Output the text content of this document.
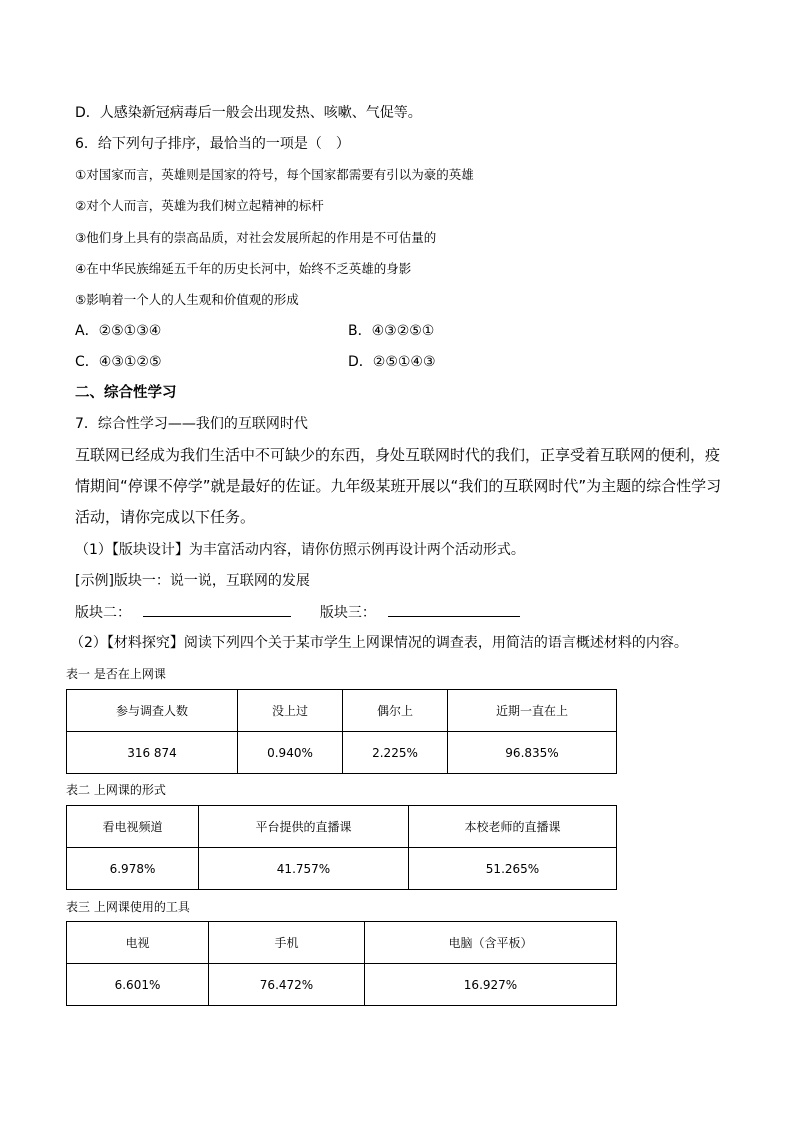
D．人感染新冠病毒后一般会出现发热、咳嗽、气促等。
6．给下列句子排序，最恰当的一项是（　）
①对国家而言，英雄则是国家的符号，每个国家都需要有引以为豪的英雄
②对个人而言，英雄为我们树立起精神的标杆
③他们身上具有的崇高品质，对社会发展所起的作用是不可估量的
④在中华民族绵延五千年的历史长河中，始终不乏英雄的身影
⑤影响着一个人的人生观和价值观的形成
A．②⑤①③④	B．④③②⑤①
C．④③①②⑤	D．②⑤①④③
二、综合性学习
7．综合性学习——我们的互联网时代
互联网已经成为我们生活中不可缺少的东西，身处互联网时代的我们，正享受着互联网的便利，疫情期间“停课不停学”就是最好的佐证。九年级某班开展以“我们的互联网时代”为主题的综合性学习活动，请你完成以下任务。
（1）【版块设计】为丰富活动内容，请你仿照示例再设计两个活动形式。
[示例]版块一：说一说，互联网的发展
版块二：	版块三：
（2）【材料探究】阅读下列四个关于某市学生上网课情况的调查表，用简洁的语言概述材料的内容。
表一 是否在上网课
参与调查人数	没上过	偶尔上	近期一直在上
316 874	0.940%	2.225%	96.835%
表二 上网课的形式
看电视频道	平台提供的直播课	本校老师的直播课
6.978%	41.757%	51.265%
表三 上网课使用的工具
电视	手机	电脑（含平板）
6.601%	76.472%	16.927%
